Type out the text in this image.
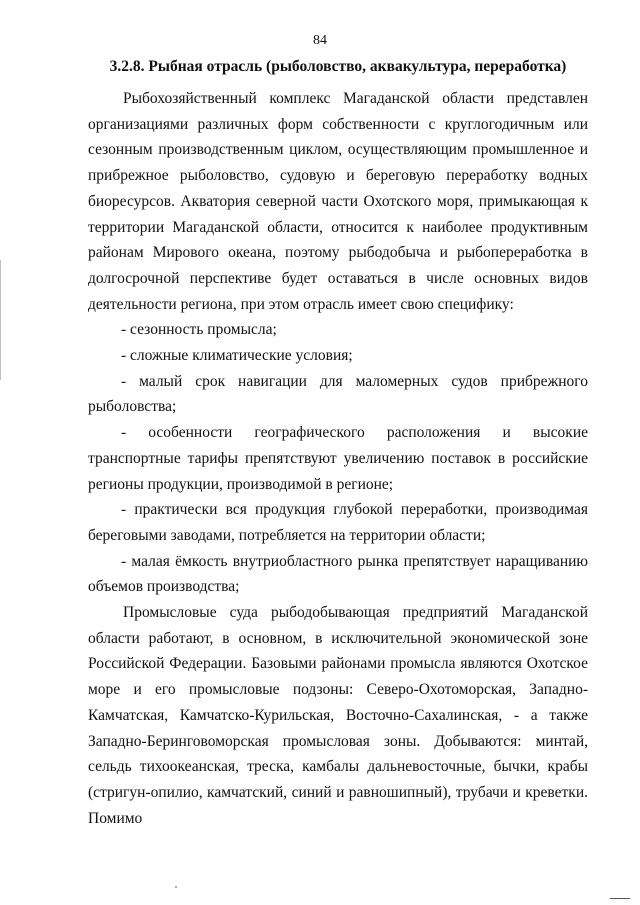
84
3.2.8. Рыбная отрасль (рыболовство, аквакультура, переработка)

Рыбохозяйственный комплекс Магаданской области представлен организациями различных форм собственности с круглогодичным или сезонным производственным циклом, осуществляющим промышленное и прибрежное рыболовство, судовую и береговую переработку водных биоресурсов. Акватория северной части Охотского моря, примыкающая к территории Магаданской области, относится к наиболее продуктивным районам Мирового океана, поэтому рыбодобыча и рыбопереработка в долгосрочной перспективе будет оставаться в числе основных видов деятельности региона, при этом отрасль имеет свою специфику:

- сезонность промысла;

- сложные климатические условия;

- малый срок навигации для маломерных судов прибрежного рыболовства;

- особенности географического расположения и высокие транспортные тарифы препятствуют увеличению поставок в российские регионы продукции, производимой в регионе;

- практически вся продукция глубокой переработки, производимая береговыми заводами, потребляется на территории области;

- малая ёмкость внутриобластного рынка препятствует наращиванию объемов производства;

Промысловые суда рыбодобывающая предприятий Магаданской области работают, в основном, в исключительной экономической зоне Российской Федерации. Базовыми районами промысла являются Охотское море и его промысловые подзоны: Северо-Охотоморская, Западно-Камчатская, Камчатско-Курильская, Восточно-Сахалинская, - а также Западно-Беринговоморская промысловая зоны. Добываются: минтай, сельдь тихоокеанская, треска, камбалы дальневосточные, бычки, крабы (стригун-опилио, камчатский, синий и равношипный), трубачи и креветки. Помимо
